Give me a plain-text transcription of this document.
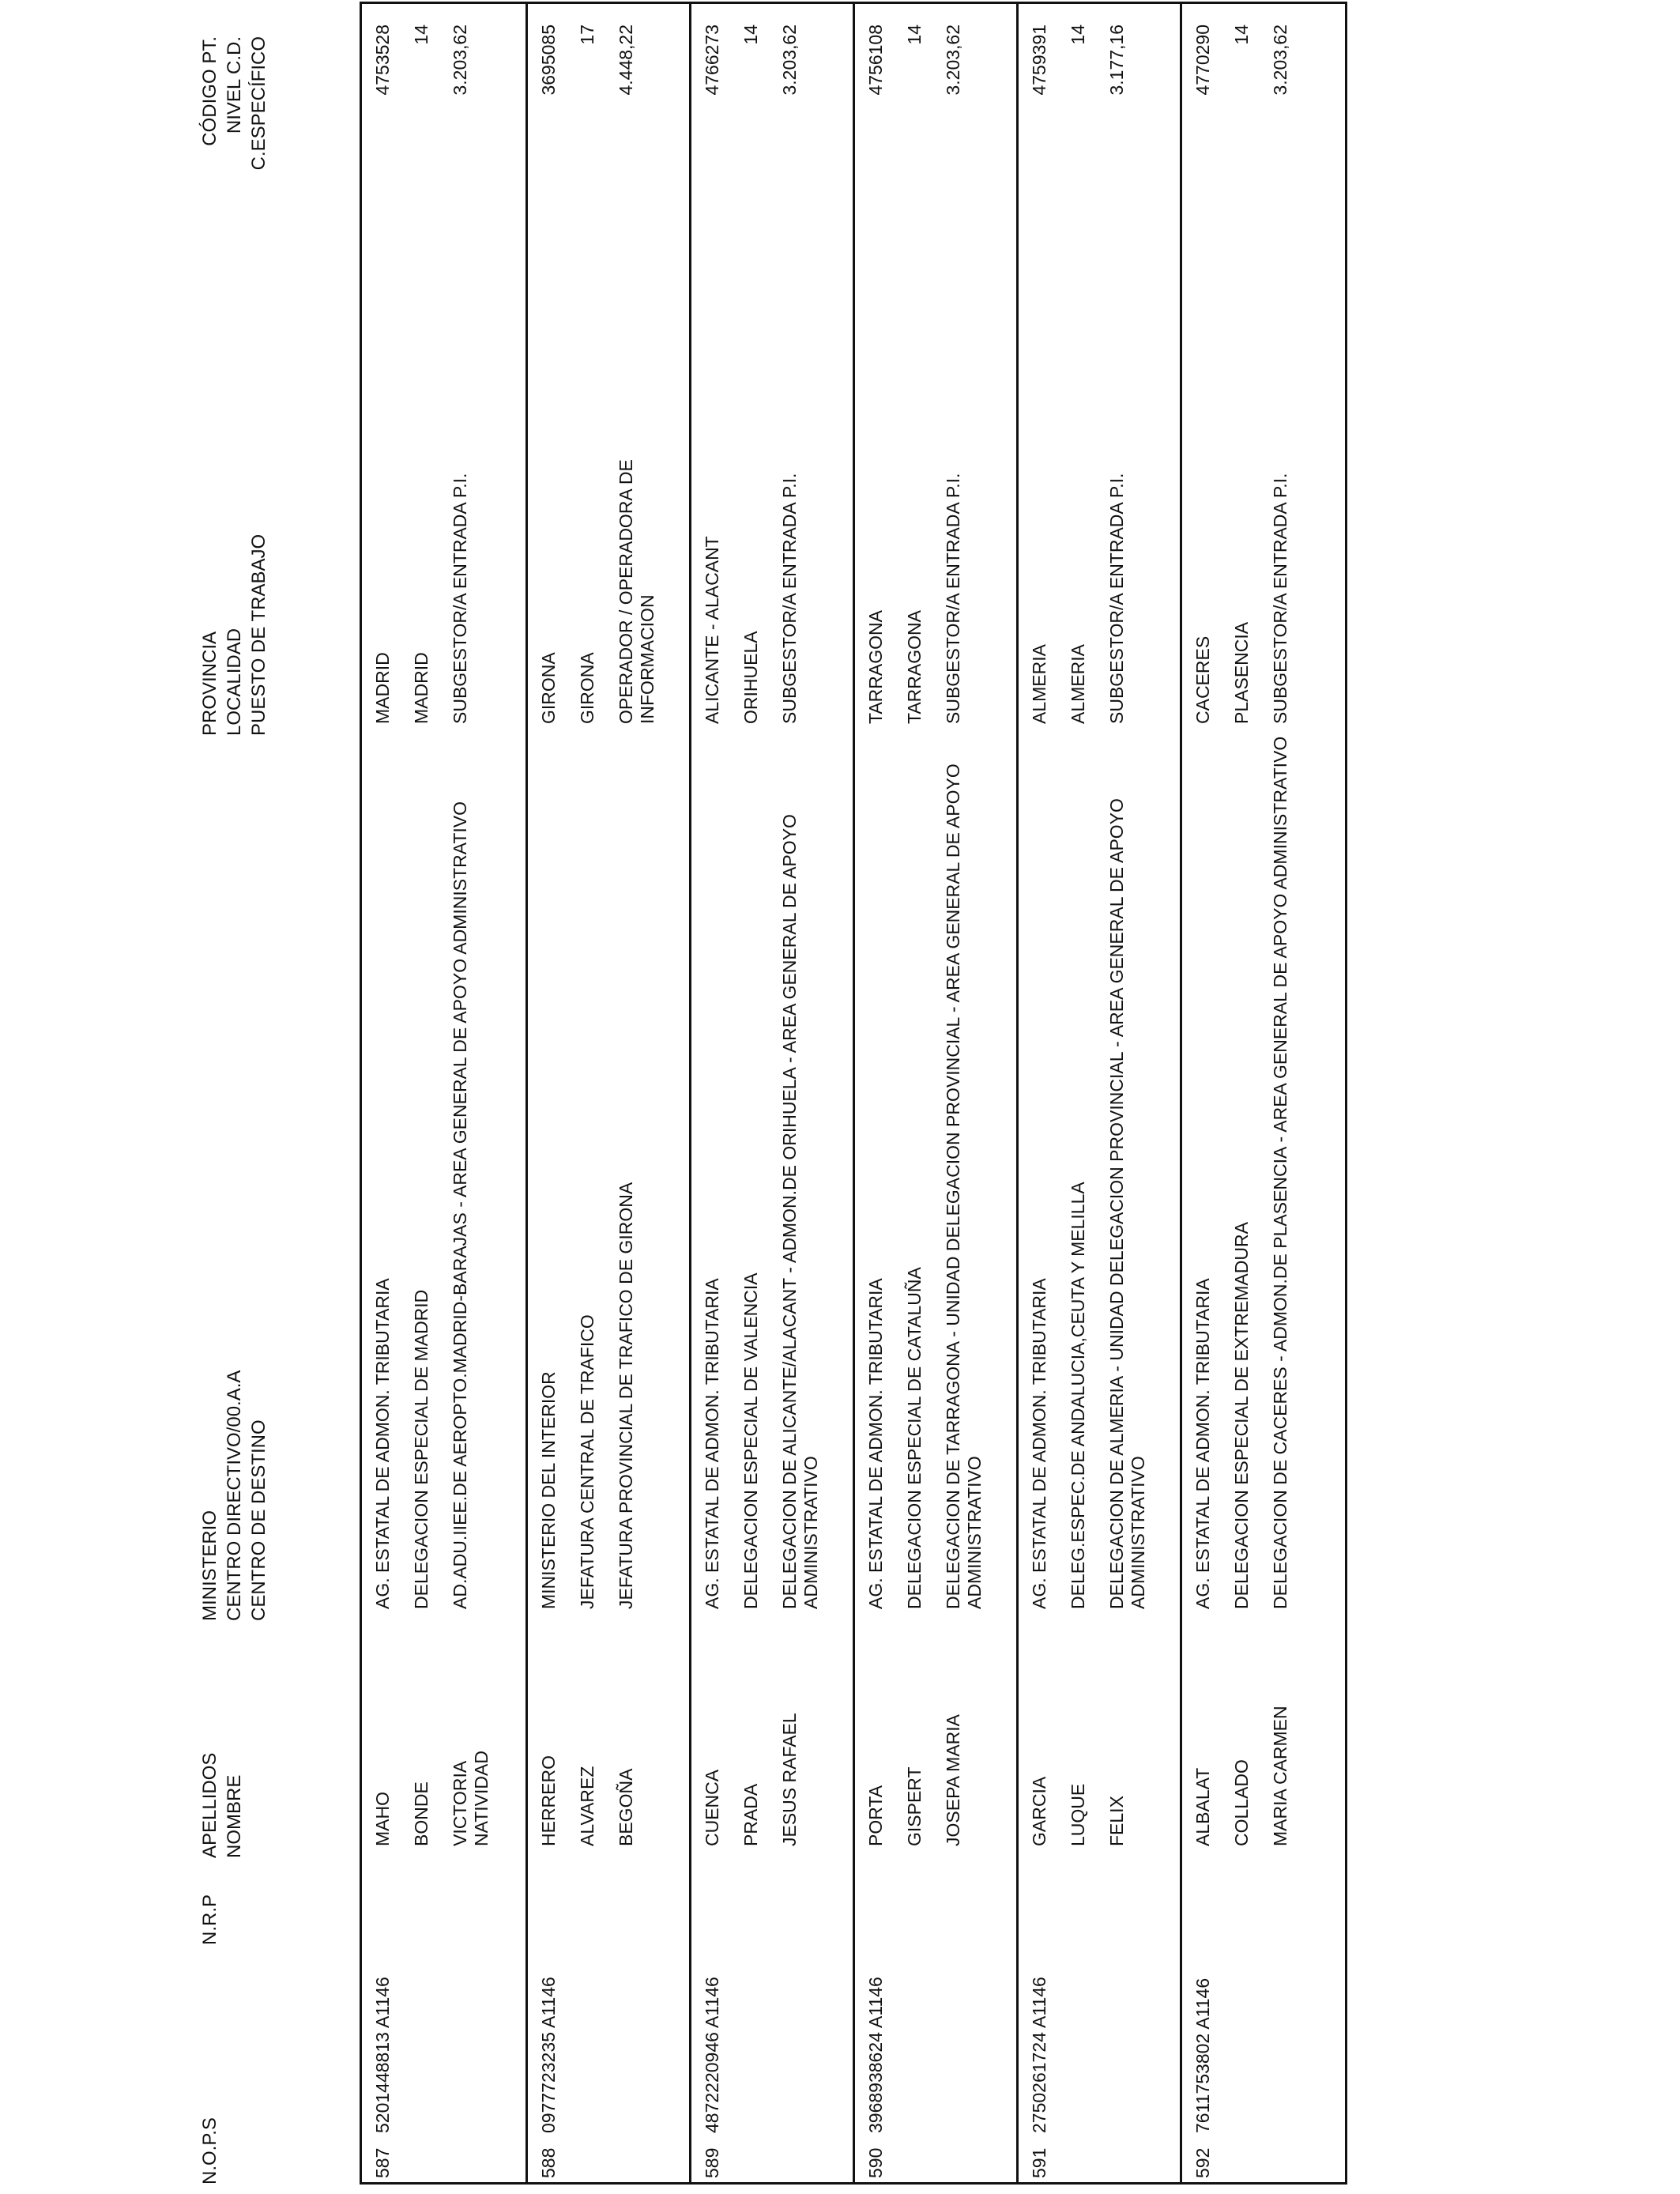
N.O.P.S
N.R.P
APELLIDOS NOMBRE
MINISTERIO CENTRO DIRECTIVO/00.A.A CENTRO DE DESTINO
PROVINCIA LOCALIDAD PUESTO DE TRABAJO
CÓDIGO PT. NIVEL C.D. C.ESPECÍFICO
587
5201448813 A1146
MAHO BONDE VICTORIA NATIVIDAD
AG. ESTATAL DE ADMON. TRIBUTARIA DELEGACION ESPECIAL DE MADRID AD.ADU.IIEE.DE AEROPTO.MADRID-BARAJAS - AREA GENERAL DE APOYO ADMINISTRATIVO
MADRID MADRID SUBGESTOR/A ENTRADA P.I.
4753528 14 3.203,62
588
0977723235 A1146
HERRERO ALVAREZ BEGOÑA
MINISTERIO DEL INTERIOR JEFATURA CENTRAL DE TRAFICO JEFATURA PROVINCIAL DE TRAFICO DE GIRONA
GIRONA GIRONA OPERADOR / OPERADORA DE INFORMACION
3695085 17 4.448,22
589
4872220946 A1146
CUENCA PRADA JESUS RAFAEL
AG. ESTATAL DE ADMON. TRIBUTARIA DELEGACION ESPECIAL DE VALENCIA DELEGACION DE ALICANTE/ALACANT - ADMON.DE ORIHUELA - AREA GENERAL DE APOYO ADMINISTRATIVO
ALICANTE - ALACANT ORIHUELA SUBGESTOR/A ENTRADA P.I.
4766273 14 3.203,62
590
3968938624 A1146
PORTA GISPERT JOSEPA MARIA
AG. ESTATAL DE ADMON. TRIBUTARIA DELEGACION ESPECIAL DE CATALUÑA DELEGACION DE TARRAGONA - UNIDAD DELEGACION PROVINCIAL - AREA GENERAL DE APOYO ADMINISTRATIVO
TARRAGONA TARRAGONA SUBGESTOR/A ENTRADA P.I.
4756108 14 3.203,62
591
2750261724 A1146
GARCIA LUQUE FELIX
AG. ESTATAL DE ADMON. TRIBUTARIA DELEG.ESPEC.DE ANDALUCIA,CEUTA Y MELILLA DELEGACION DE ALMERIA - UNIDAD DELEGACION PROVINCIAL - AREA GENERAL DE APOYO ADMINISTRATIVO
ALMERIA ALMERIA SUBGESTOR/A ENTRADA P.I.
4759391 14 3.177,16
592
7611753802 A1146
ALBALAT COLLADO MARIA CARMEN
AG. ESTATAL DE ADMON. TRIBUTARIA DELEGACION ESPECIAL DE EXTREMADURA DELEGACION DE CACERES - ADMON.DE PLASENCIA - AREA GENERAL DE APOYO ADMINISTRATIVO
CACERES PLASENCIA SUBGESTOR/A ENTRADA P.I.
4770290 14 3.203,62
